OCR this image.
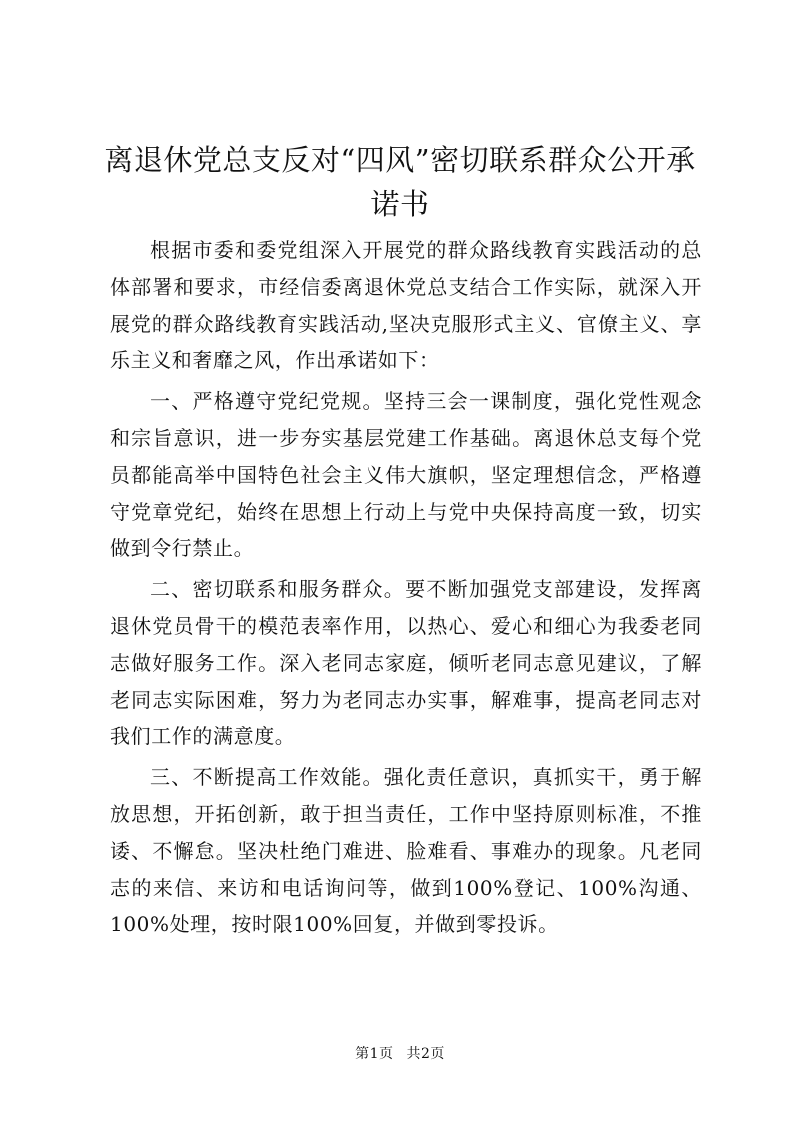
离退休党总支反对“四风”密切联系群众公开承诺书

根据市委和委党组深入开展党的群众路线教育实践活动的总体部署和要求，市经信委离退休党总支结合工作实际，就深入开展党的群众路线教育实践活动,坚决克服形式主义、官僚主义、享乐主义和奢靡之风，作出承诺如下：

一、严格遵守党纪党规。坚持三会一课制度，强化党性观念和宗旨意识，进一步夯实基层党建工作基础。离退休总支每个党员都能高举中国特色社会主义伟大旗帜，坚定理想信念，严格遵守党章党纪，始终在思想上行动上与党中央保持高度一致，切实做到令行禁止。

二、密切联系和服务群众。要不断加强党支部建设，发挥离退休党员骨干的模范表率作用，以热心、爱心和细心为我委老同志做好服务工作。深入老同志家庭，倾听老同志意见建议，了解老同志实际困难，努力为老同志办实事，解难事，提高老同志对我们工作的满意度。

三、不断提高工作效能。强化责任意识，真抓实干，勇于解放思想，开拓创新，敢于担当责任，工作中坚持原则标准，不推诿、不懈怠。坚决杜绝门难进、脸难看、事难办的现象。凡老同志的来信、来访和电话询问等，做到100%登记、100%沟通、100%处理，按时限100%回复，并做到零投诉。

第1页 共2页
